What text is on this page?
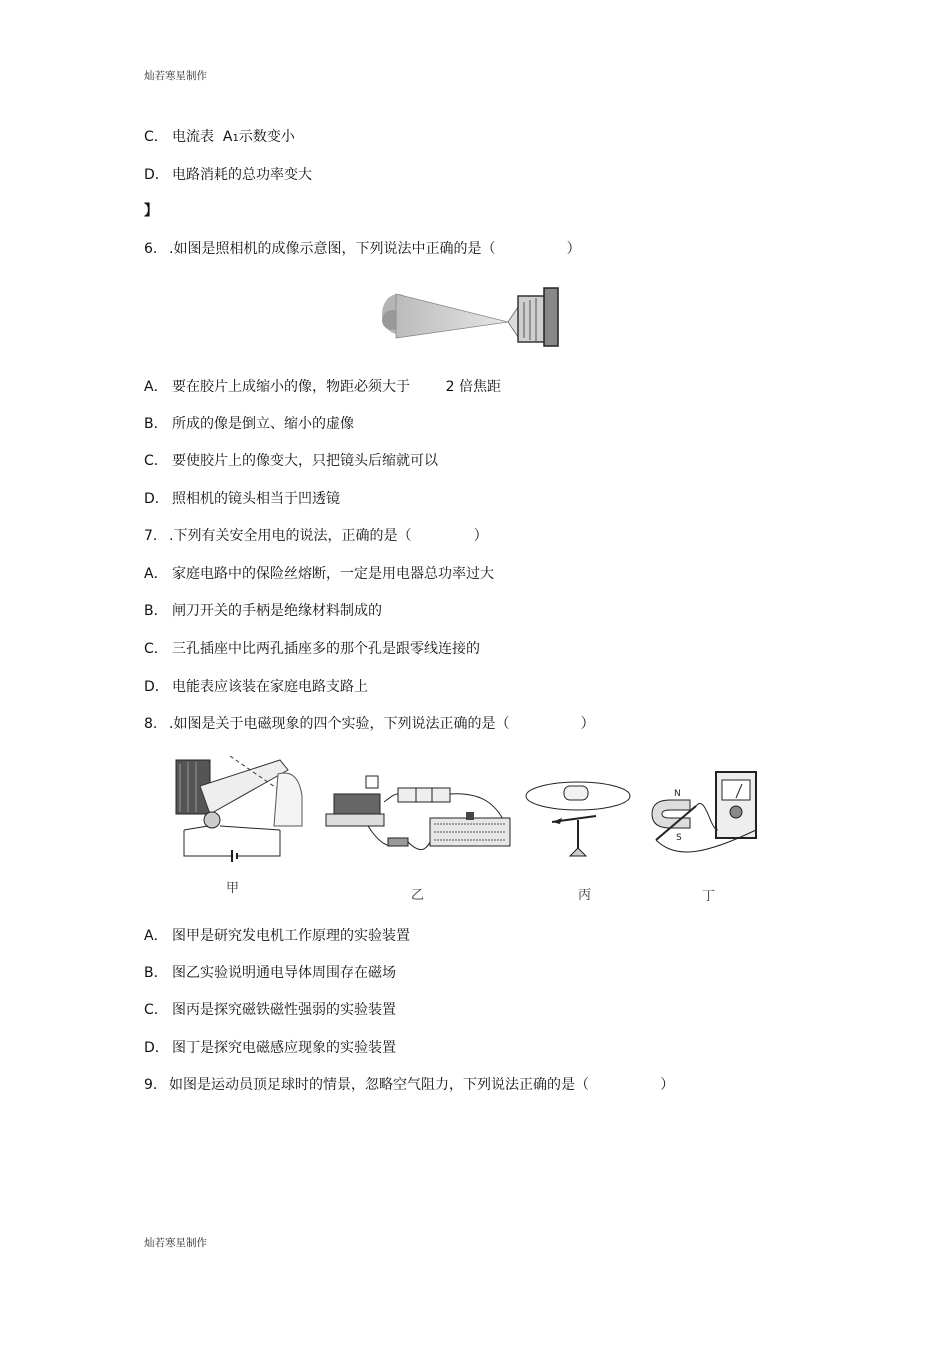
灿若寒星制作
C． 电流表  A1示数变小
D． 电路消耗的总功率变大
】
6. .如图是照相机的成像示意图，下列说法中正确的是（                ）
A． 要在胶片上成缩小的像，物距必须大于        2 倍焦距
B． 所成的像是倒立、缩小的虚像
C． 要使胶片上的像变大，只把镜头后缩就可以
D． 照相机的镜头相当于凹透镜
7. .下列有关安全用电的说法，正确的是（              ）
A． 家庭电路中的保险丝熔断，一定是用电器总功率过大
B． 闸刀开关的手柄是绝缘材料制成的
C． 三孔插座中比两孔插座多的那个孔是跟零线连接的
D． 电能表应该装在家庭电路支路上
8. .如图是关于电磁现象的四个实验，下列说法正确的是（                ）
甲	乙	丙
N
S
丁
A． 图甲是研究发电机工作原理的实验装置
B． 图乙实验说明通电导体周围存在磁场
C． 图丙是探究磁铁磁性强弱的实验装置
D． 图丁是探究电磁感应现象的实验装置
9. 如图是运动员顶足球时的情景，忽略空气阻力，下列说法正确的是（                ）
灿若寒星制作
